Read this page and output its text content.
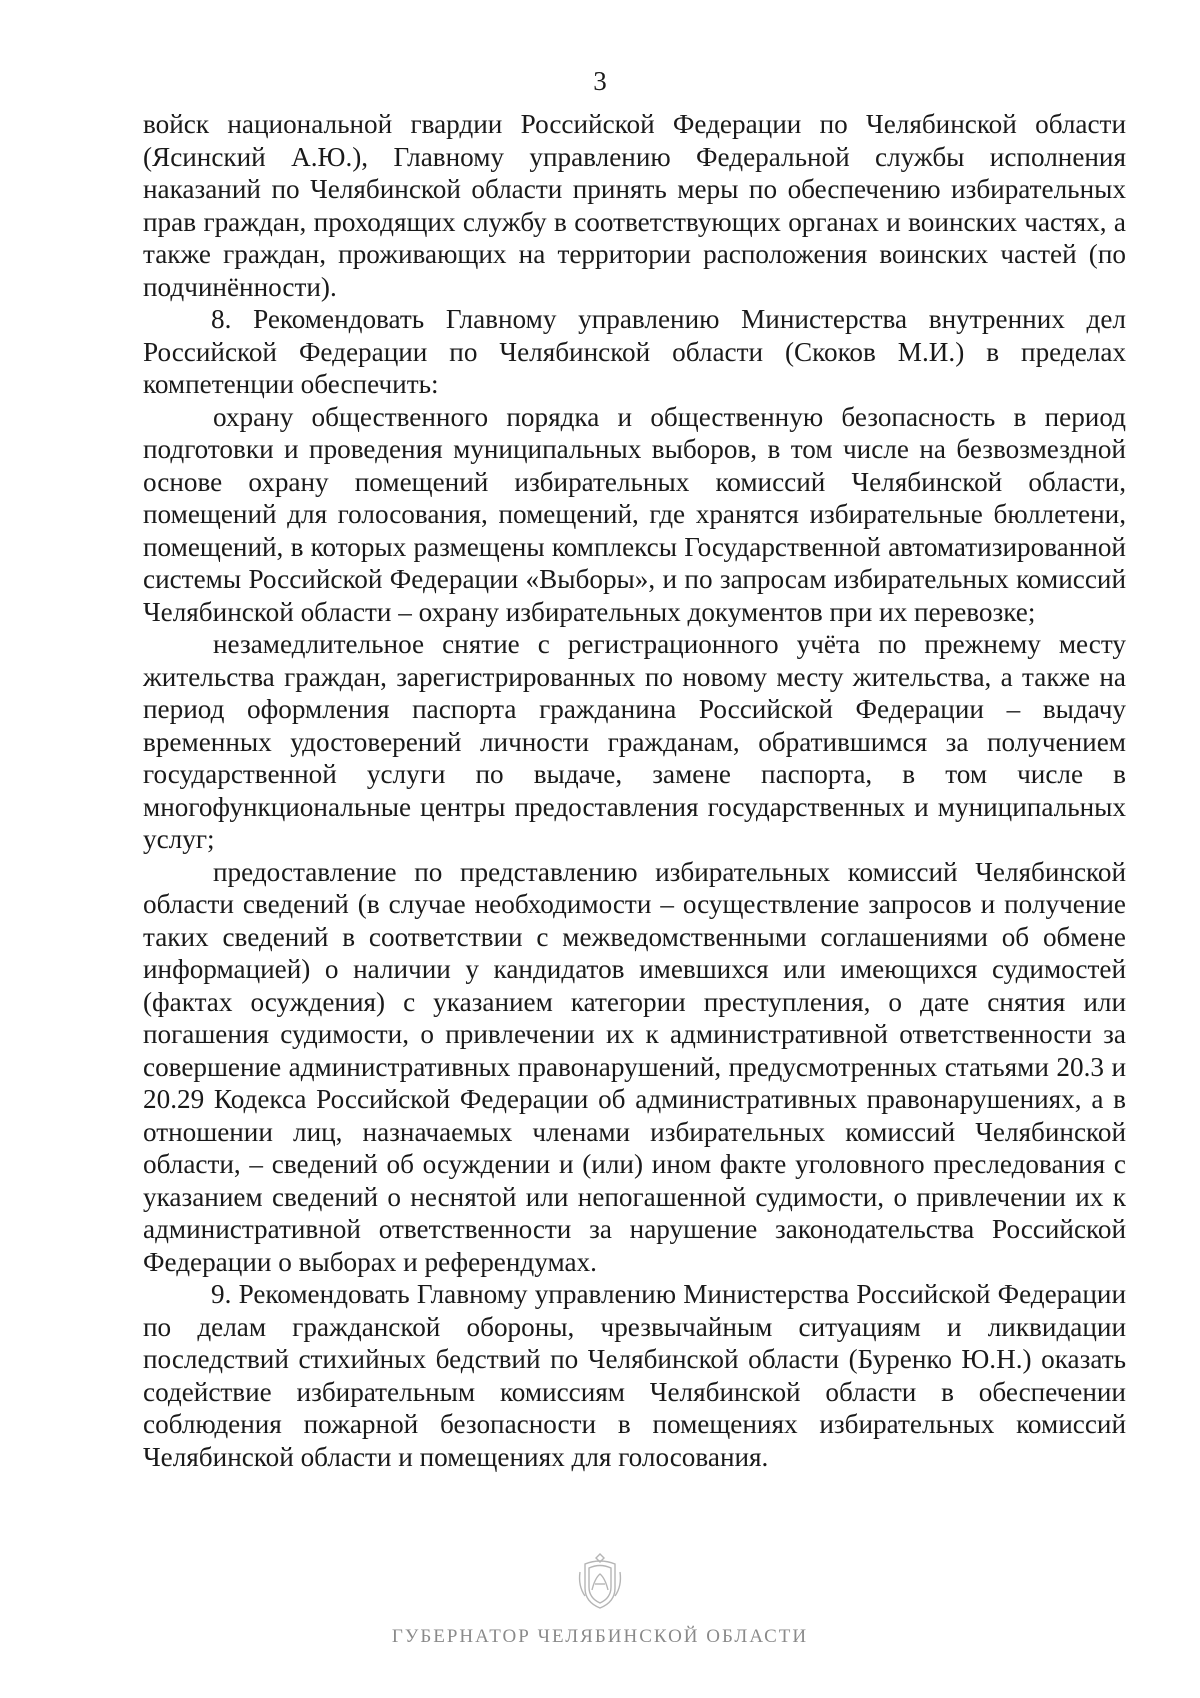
3

войск национальной гвардии Российской Федерации по Челябинской области (Ясинский А.Ю.), Главному управлению Федеральной службы исполнения наказаний по Челябинской области принять меры по обеспечению избирательных прав граждан, проходящих службу в соответствующих органах и воинских частях, а также граждан, проживающих на территории расположения воинских частей (по подчинённости).

8. Рекомендовать Главному управлению Министерства внутренних дел Российской Федерации по Челябинской области (Скоков М.И.) в пределах компетенции обеспечить:

охрану общественного порядка и общественную безопасность в период подготовки и проведения муниципальных выборов, в том числе на безвозмездной основе охрану помещений избирательных комиссий Челябинской области, помещений для голосования, помещений, где хранятся избирательные бюллетени, помещений, в которых размещены комплексы Государственной автоматизированной системы Российской Федерации «Выборы», и по запросам избирательных комиссий Челябинской области – охрану избирательных документов при их перевозке;

незамедлительное снятие с регистрационного учёта по прежнему месту жительства граждан, зарегистрированных по новому месту жительства, а также на период оформления паспорта гражданина Российской Федерации – выдачу временных удостоверений личности гражданам, обратившимся за получением государственной услуги по выдаче, замене паспорта, в том числе в многофункциональные центры предоставления государственных и муниципальных услуг;

предоставление по представлению избирательных комиссий Челябинской области сведений (в случае необходимости – осуществление запросов и получение таких сведений в соответствии с межведомственными соглашениями об обмене информацией) о наличии у кандидатов имевшихся или имеющихся судимостей (фактах осуждения) с указанием категории преступления, о дате снятия или погашения судимости, о привлечении их к административной ответственности за совершение административных правонарушений, предусмотренных статьями 20.3 и 20.29 Кодекса Российской Федерации об административных правонарушениях, а в отношении лиц, назначаемых членами избирательных комиссий Челябинской области, – сведений об осуждении и (или) ином факте уголовного преследования с указанием сведений о неснятой или непогашенной судимости, о привлечении их к административной ответственности за нарушение законодательства Российской Федерации о выборах и референдумах.

9. Рекомендовать Главному управлению Министерства Российской Федерации по делам гражданской обороны, чрезвычайным ситуациям и ликвидации последствий стихийных бедствий по Челябинской области (Буренко Ю.Н.) оказать содействие избирательным комиссиям Челябинской области в обеспечении соблюдения пожарной безопасности в помещениях избирательных комиссий Челябинской области и помещениях для голосования.

ГУБЕРНАТОР ЧЕЛЯБИНСКОЙ ОБЛАСТИ
